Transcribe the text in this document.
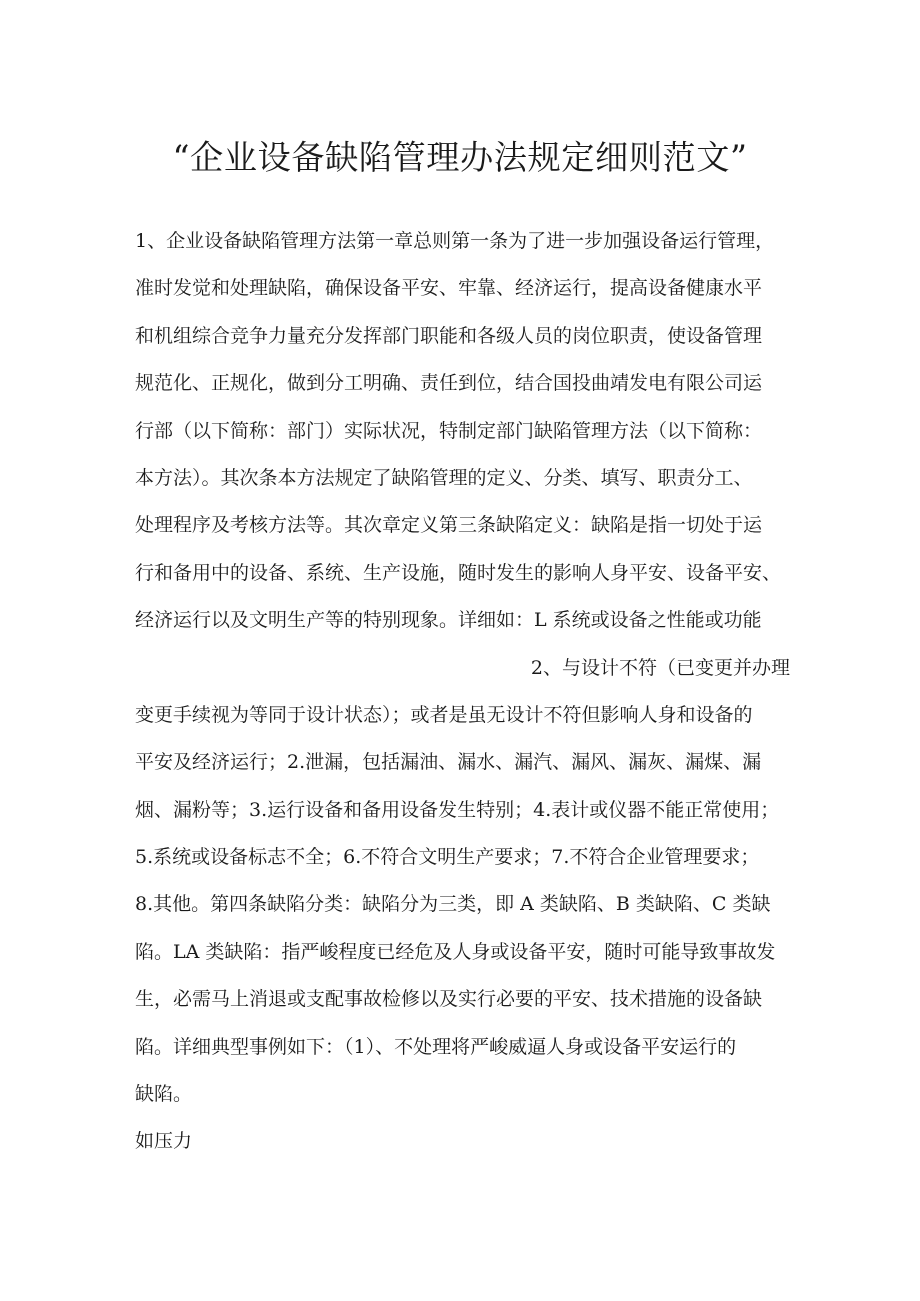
“企业设备缺陷管理办法规定细则范文”
1、企业设备缺陷管理方法第一章总则第一条为了进一步加强设备运行管理，
准时发觉和处理缺陷，确保设备平安、牢靠、经济运行，提高设备健康水平
和机组综合竞争力量充分发挥部门职能和各级人员的岗位职责，使设备管理
规范化、正规化，做到分工明确、责任到位，结合国投曲靖发电有限公司运
行部（以下简称：部门）实际状况，特制定部门缺陷管理方法（以下简称：
本方法）。其次条本方法规定了缺陷管理的定义、分类、填写、职责分工、
处理程序及考核方法等。其次章定义第三条缺陷定义：缺陷是指一切处于运
行和备用中的设备、系统、生产设施，随时发生的影响人身平安、设备平安、
经济运行以及文明生产等的特别现象。详细如：L 系统或设备之性能或功能
2、与设计不符（已变更并办理
变更手续视为等同于设计状态）；或者是虽无设计不符但影响人身和设备的
平安及经济运行；2.泄漏，包括漏油、漏水、漏汽、漏风、漏灰、漏煤、漏
烟、漏粉等；3.运行设备和备用设备发生特别；4.表计或仪器不能正常使用；
5.系统或设备标志不全；6.不符合文明生产要求；7.不符合企业管理要求；
8.其他。第四条缺陷分类：缺陷分为三类，即 A 类缺陷、B 类缺陷、C 类缺
陷。LA 类缺陷：指严峻程度已经危及人身或设备平安，随时可能导致事故发
生，必需马上消退或支配事故检修以及实行必要的平安、技术措施的设备缺
陷。详细典型事例如下：（1）、不处理将严峻威逼人身或设备平安运行的
缺陷。
如压力
